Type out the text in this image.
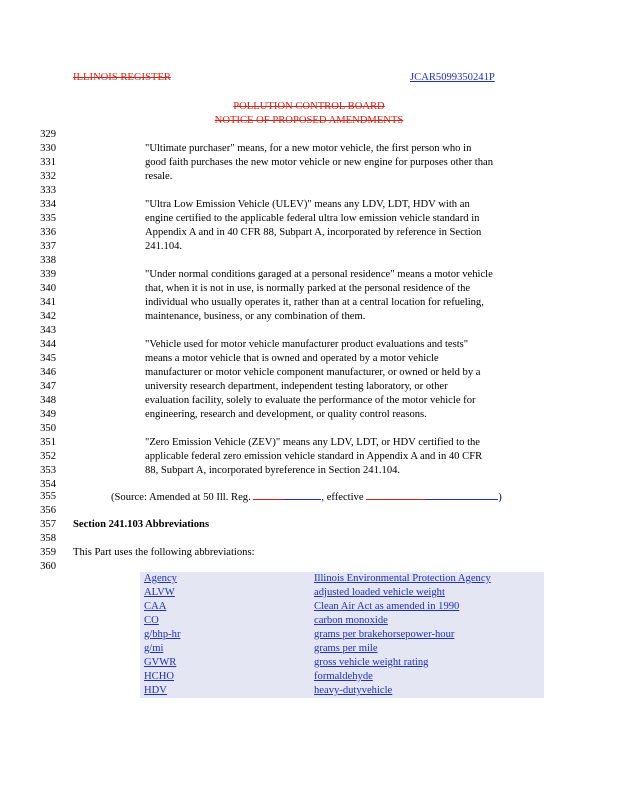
ILLINOIS REGISTER	JCAR5099350241P
POLLUTION CONTROL BOARD
NOTICE OF PROPOSED AMENDMENTS
329
330	"Ultimate purchaser" means, for a new motor vehicle, the first person who in
331	good faith purchases the new motor vehicle or new engine for purposes other than
332	resale.
333
334	"Ultra Low Emission Vehicle (ULEV)" means any LDV, LDT, HDV with an
335	engine certified to the applicable federal ultra low emission vehicle standard in
336	Appendix A and in 40 CFR 88, Subpart A, incorporated by reference in Section
337	241.104.
338
339	"Under normal conditions garaged at a personal residence" means a motor vehicle
340	that, when it is not in use, is normally parked at the personal residence of the
341	individual who usually operates it, rather than at a central location for refueling,
342	maintenance, business, or any combination of them.
343
344	"Vehicle used for motor vehicle manufacturer product evaluations and tests"
345	means a motor vehicle that is owned and operated by a motor vehicle
346	manufacturer or motor vehicle component manufacturer, or owned or held by a
347	university research department, independent testing laboratory, or other
348	evaluation facility, solely to evaluate the performance of the motor vehicle for
349	engineering, research and development, or quality control reasons.
350
351	"Zero Emission Vehicle (ZEV)" means any LDV, LDT, or HDV certified to the
352	applicable federal zero emission vehicle standard in Appendix A and in 40 CFR
353	88, Subpart A, incorporated byreference in Section 241.104.
354
355	(Source: Amended at 50 Ill. Reg.	, effective	)
356
357 Section 241.103 Abbreviations
358
359 This Part uses the following abbreviations:
360
Agency	Illinois Environmental Protection Agency
ALVW	adjusted loaded vehicle weight
CAA	Clean Air Act as amended in 1990
CO	carbon monoxide
g/bhp-hr	grams per brakehorsepower-hour
g/mi	grams per mile
GVWR	gross vehicle weight rating
HCHO	formaldehyde
HDV	heavy-dutyvehicle
